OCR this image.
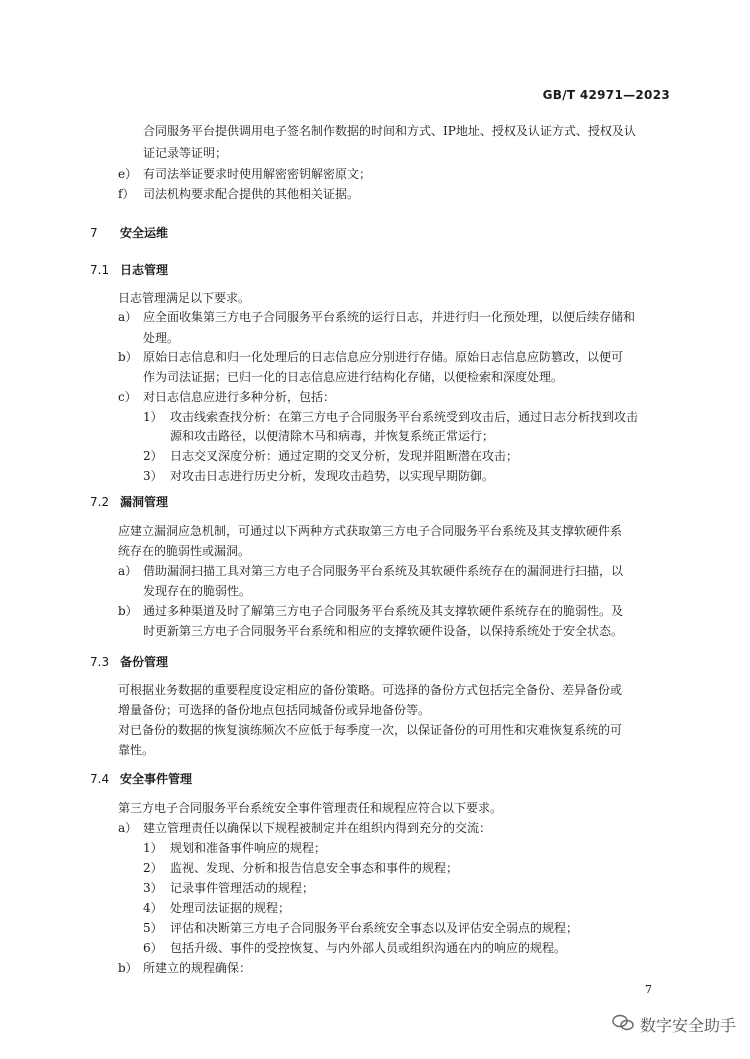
GB/T 42971—2023
合同服务平台提供调用电子签名制作数据的时间和方式、IP地址、授权及认证方式、授权及认
证记录等证明；
e） 有司法举证要求时使用解密密钥解密原文；
f） 司法机构要求配合提供的其他相关证据。
7 安全运维
7.1 日志管理
日志管理满足以下要求。
a） 应全面收集第三方电子合同服务平台系统的运行日志，并进行归一化预处理，以便后续存储和
处理。
b） 原始日志信息和归一化处理后的日志信息应分别进行存储。原始日志信息应防篡改，以便可
作为司法证据；已归一化的日志信息应进行结构化存储，以便检索和深度处理。
c） 对日志信息应进行多种分析，包括：
1） 攻击线索查找分析：在第三方电子合同服务平台系统受到攻击后，通过日志分析找到攻击
源和攻击路径，以便清除木马和病毒，并恢复系统正常运行；
2） 日志交叉深度分析：通过定期的交叉分析，发现并阻断潜在攻击；
3） 对攻击日志进行历史分析，发现攻击趋势，以实现早期防御。
7.2 漏洞管理
应建立漏洞应急机制，可通过以下两种方式获取第三方电子合同服务平台系统及其支撑软硬件系
统存在的脆弱性或漏洞。
a） 借助漏洞扫描工具对第三方电子合同服务平台系统及其软硬件系统存在的漏洞进行扫描，以
发现存在的脆弱性。
b） 通过多种渠道及时了解第三方电子合同服务平台系统及其支撑软硬件系统存在的脆弱性。及
时更新第三方电子合同服务平台系统和相应的支撑软硬件设备，以保持系统处于安全状态。
7.3 备份管理
可根据业务数据的重要程度设定相应的备份策略。可选择的备份方式包括完全备份、差异备份或
增量备份；可选择的备份地点包括同城备份或异地备份等。
对已备份的数据的恢复演练频次不应低于每季度一次，以保证备份的可用性和灾难恢复系统的可
靠性。
7.4 安全事件管理
第三方电子合同服务平台系统安全事件管理责任和规程应符合以下要求。
a） 建立管理责任以确保以下规程被制定并在组织内得到充分的交流：
1） 规划和准备事件响应的规程；
2） 监视、发现、分析和报告信息安全事态和事件的规程；
3） 记录事件管理活动的规程；
4） 处理司法证据的规程；
5） 评估和决断第三方电子合同服务平台系统安全事态以及评估安全弱点的规程；
6） 包括升级、事件的受控恢复、与内外部人员或组织沟通在内的响应的规程。
b） 所建立的规程确保：
7
数字安全助手
